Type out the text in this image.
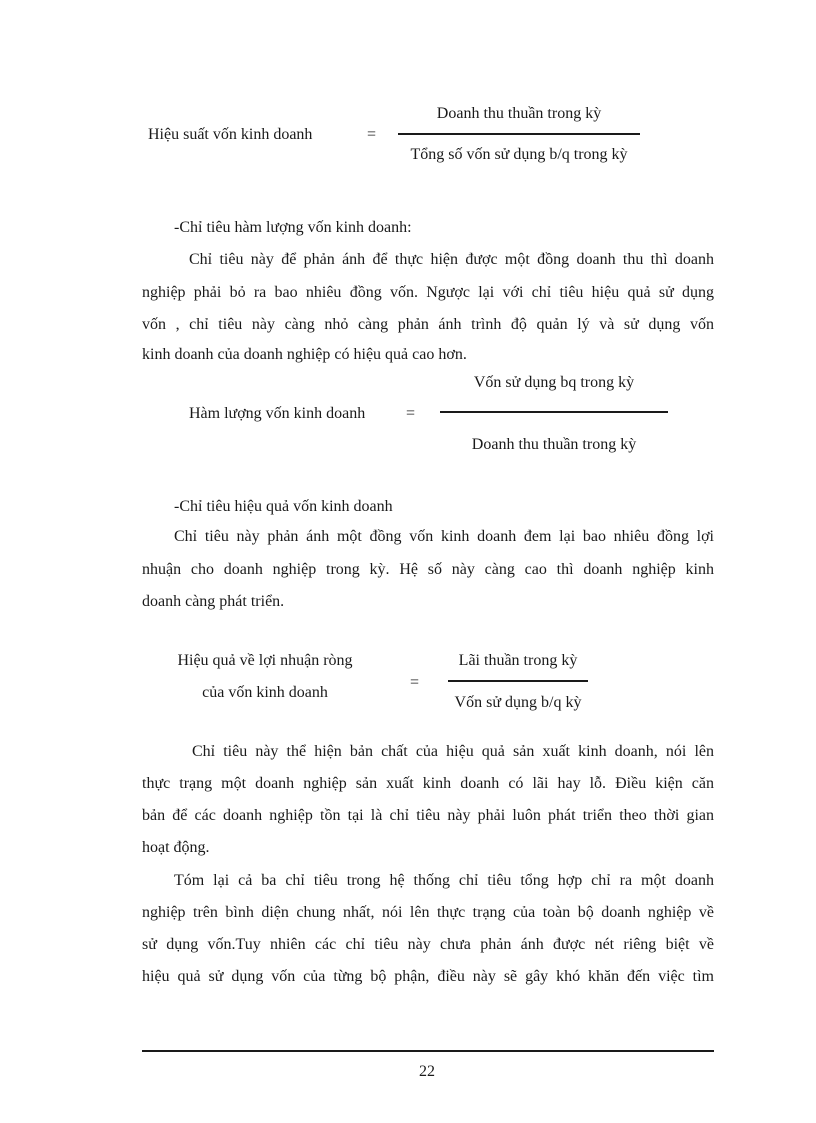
Hiệu suất vốn kinh doanh	=
Doanh thu thuần trong kỳ
Tổng số vốn sử dụng b/q trong kỳ
-Chỉ tiêu hàm lượng vốn kinh doanh:
Chỉ tiêu này để phản ánh để thực hiện được một đồng doanh thu thì doanh
nghiệp phải bỏ ra bao nhiêu đồng vốn. Ngược lại với chỉ tiêu hiệu quả sử dụng
vốn , chỉ tiêu này càng nhỏ càng phản ánh trình độ quản lý và sử dụng vốn
kinh doanh của doanh nghiệp có hiệu quả cao hơn.
Hàm lượng vốn kinh doanh	=
Vốn sử dụng bq trong kỳ
Doanh thu thuần trong kỳ
-Chỉ tiêu hiệu quả vốn kinh doanh
Chỉ tiêu này phản ánh một đồng vốn kinh doanh đem lại bao nhiêu đồng lợi
nhuận cho doanh nghiệp trong kỳ. Hệ số này càng cao thì doanh nghiệp kinh
doanh càng phát triển.
Hiệu quả về lợi nhuận ròng
của vốn kinh doanh
=
Lãi thuần trong kỳ
Vốn sử dụng b/q kỳ
Chỉ tiêu này thể hiện bản chất của hiệu quả sản xuất kinh doanh, nói lên
thực trạng một doanh nghiệp sản xuất kinh doanh có lãi hay lỗ. Điều kiện căn
bản để các doanh nghiệp tồn tại là chỉ tiêu này phải luôn phát triển theo thời gian
hoạt động.
Tóm lại cả ba chỉ tiêu trong hệ thống chỉ tiêu tổng hợp chỉ ra một doanh
nghiệp trên bình diện chung nhất, nói lên thực trạng của toàn bộ doanh nghiệp về
sử dụng vốn.Tuy nhiên các chỉ tiêu này chưa phản ánh được nét riêng biệt về
hiệu quả sử dụng vốn của từng bộ phận, điều này sẽ gây khó khăn đến việc tìm
22
